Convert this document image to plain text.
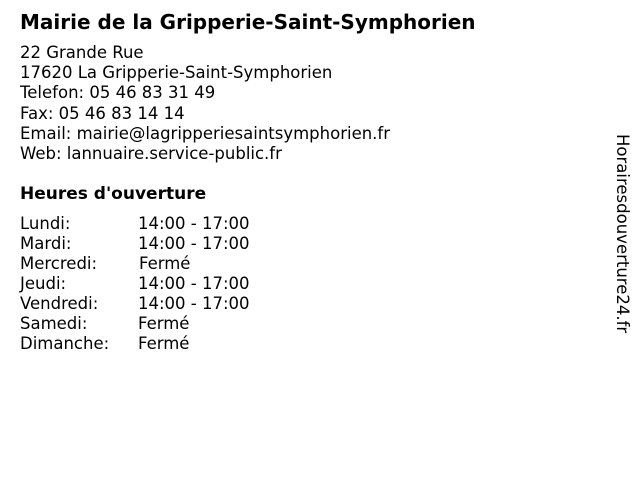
Mairie de la Gripperie-Saint-Symphorien
22 Grande Rue
17620 La Gripperie-Saint-Symphorien
Telefon: 05 46 83 31 49
Fax: 05 46 83 14 14
Email: mairie@lagripperiesaintsymphorien.fr
Web: lannuaire.service-public.fr
Heures d'ouverture
Lundi:	14:00 - 17:00
Mardi:	14:00 - 17:00
Mercredi:	Fermé
Jeudi:	14:00 - 17:00
Vendredi: 14:00 - 17:00
Samedi:	Fermé
Dimanche: Fermé
Horairesdouverture24.fr
